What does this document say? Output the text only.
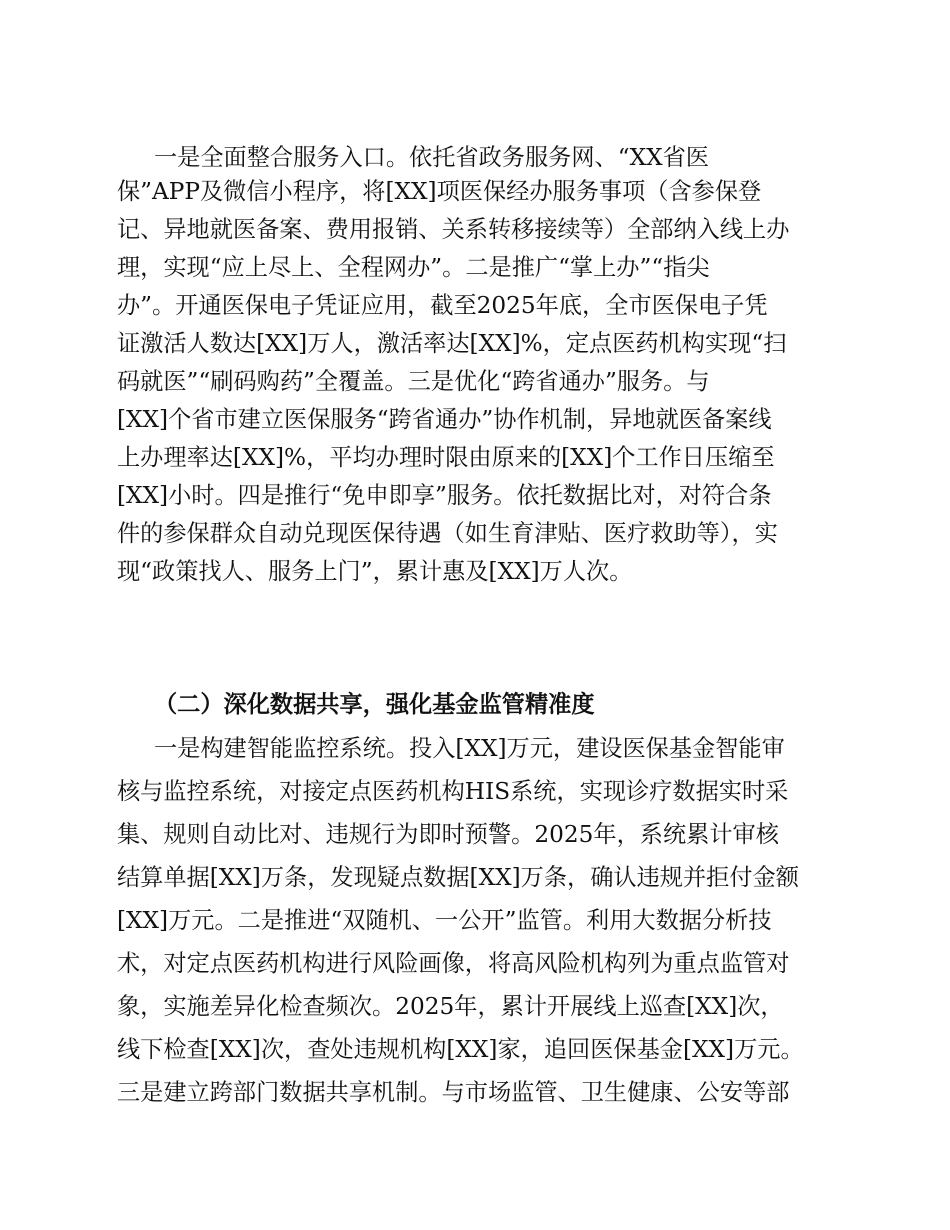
一是全面整合服务入口。依托省政务服务网、“XX省医
保”APP及微信小程序，将[XX]项医保经办服务事项（含参保登
记、异地就医备案、费用报销、关系转移接续等）全部纳入线上办
理，实现“应上尽上、全程网办”。二是推广“掌上办”“指尖
办”。开通医保电子凭证应用，截至2025年底，全市医保电子凭
证激活人数达[XX]万人，激活率达[XX]%，定点医药机构实现“扫
码就医”“刷码购药”全覆盖。三是优化“跨省通办”服务。与
[XX]个省市建立医保服务“跨省通办”协作机制，异地就医备案线
上办理率达[XX]%，平均办理时限由原来的[XX]个工作日压缩至
[XX]小时。四是推行“免申即享”服务。依托数据比对，对符合条
件的参保群众自动兑现医保待遇（如生育津贴、医疗救助等），实
现“政策找人、服务上门”，累计惠及[XX]万人次。
（二）深化数据共享，强化基金监管精准度
一是构建智能监控系统。投入[XX]万元，建设医保基金智能审
核与监控系统，对接定点医药机构HIS系统，实现诊疗数据实时采
集、规则自动比对、违规行为即时预警。2025年，系统累计审核
结算单据[XX]万条，发现疑点数据[XX]万条，确认违规并拒付金额
[XX]万元。二是推进“双随机、一公开”监管。利用大数据分析技
术，对定点医药机构进行风险画像，将高风险机构列为重点监管对
象，实施差异化检查频次。2025年，累计开展线上巡查[XX]次，
线下检查[XX]次，查处违规机构[XX]家，追回医保基金[XX]万元。
三是建立跨部门数据共享机制。与市场监管、卫生健康、公安等部
